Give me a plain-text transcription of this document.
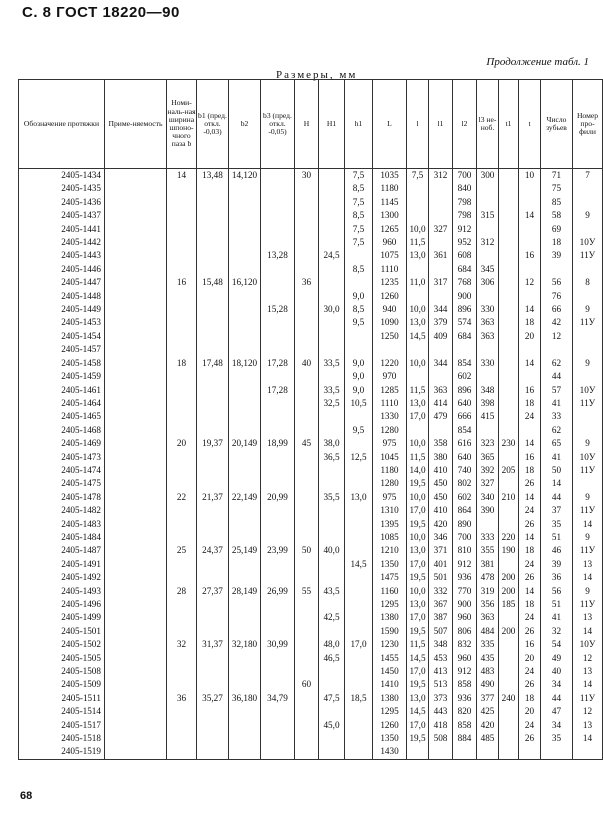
С. 8 ГОСТ 18220—90
Продолжение табл. 1
Размеры, мм
Обозначение протяжки	Приме-няемость	Номи-наль-ная ширина шпоно-чного паза b	b1 (пред. откл. -0,03)	b2	b3 (пред. откл. -0,05)	H	H1	h1	L	l	l1	l2	l3 не-ноб.	t1	t	Число зубьев	Номер про-фили
2405-1434		14	13,48	14,120		30		7,5	1035	7,5	312	700	300		10	71	7
2405-1435								8,5	1180			840				75	
2405-1436								7,5	1145			798				85	
2405-1437								8,5	1300			798	315		14	58	9
2405-1441								7,5	1265	10,0	327	912				69	
2405-1442								7,5	960	11,5		952	312			18	10У
2405-1443					13,28		24,5		1075	13,0	361	608			16	39	11У
2405-1446								8,5	1110			684	345				
2405-1447		16	15,48	16,120		36			1235	11,0	317	768	306		12	56	8
2405-1448								9,0	1260			900				76	
2405-1449					15,28		30,0	8,5	940	10,0	344	896	330		14	66	9
2405-1453								9,5	1090	13,0	379	574	363		18	42	11У
2405-1454									1250	14,5	409	684	363		20	12	
2405-1457																	
2405-1458		18	17,48	18,120	17,28	40	33,5	9,0	1220	10,0	344	854	330		14	62	9
2405-1459								9,0	970			602				44	
2405-1461					17,28		33,5	9,0	1285	11,5	363	896	348		16	57	10У
2405-1464							32,5	10,5	1110	13,0	414	640	398		18	41	11У
2405-1465									1330	17,0	479	666	415		24	33	
2405-1468								9,5	1280			854				62	
2405-1469		20	19,37	20,149	18,99	45	38,0		975	10,0	358	616	323	230	14	65	9
2405-1473							36,5	12,5	1045	11,5	380	640	365		16	41	10У
2405-1474									1180	14,0	410	740	392	205	18	50	11У
2405-1475									1280	19,5	450	802	327		26	14	
2405-1478		22	21,37	22,149	20,99		35,5	13,0	975	10,0	450	602	340	210	14	44	9
2405-1482									1310	17,0	410	864	390		24	37	11У
2405-1483									1395	19,5	420	890			26	35	14
2405-1484									1085	10,0	346	700	333	220	14	51	9
2405-1487		25	24,37	25,149	23,99	50	40,0		1210	13,0	371	810	355	190	18	46	11У
2405-1491								14,5	1350	17,0	401	912	381		24	39	13
2405-1492									1475	19,5	501	936	478	200	26	36	14
2405-1493		28	27,37	28,149	26,99	55	43,5		1160	10,0	332	770	319	200	14	56	9
2405-1496									1295	13,0	367	900	356	185	18	51	11У
2405-1499							42,5		1380	17,0	387	960	363		24	41	13
2405-1501									1590	19,5	507	806	484	200	26	32	14
2405-1502		32	31,37	32,180	30,99		48,0	17,0	1230	11,5	348	832	335		16	54	10У
2405-1505							46,5		1455	14,5	453	960	435		20	49	12
2405-1508									1450	17,0	413	912	483		24	40	13
2405-1509						60			1410	19,5	513	858	490		26	34	14
2405-1511		36	35,27	36,180	34,79		47,5	18,5	1380	13,0	373	936	377	240	18	44	11У
2405-1514									1295	14,5	443	820	425		20	47	12
2405-1517							45,0		1260	17,0	418	858	420		24	34	13
2405-1518									1350	19,5	508	884	485		26	35	14
2405-1519									1430								
68
